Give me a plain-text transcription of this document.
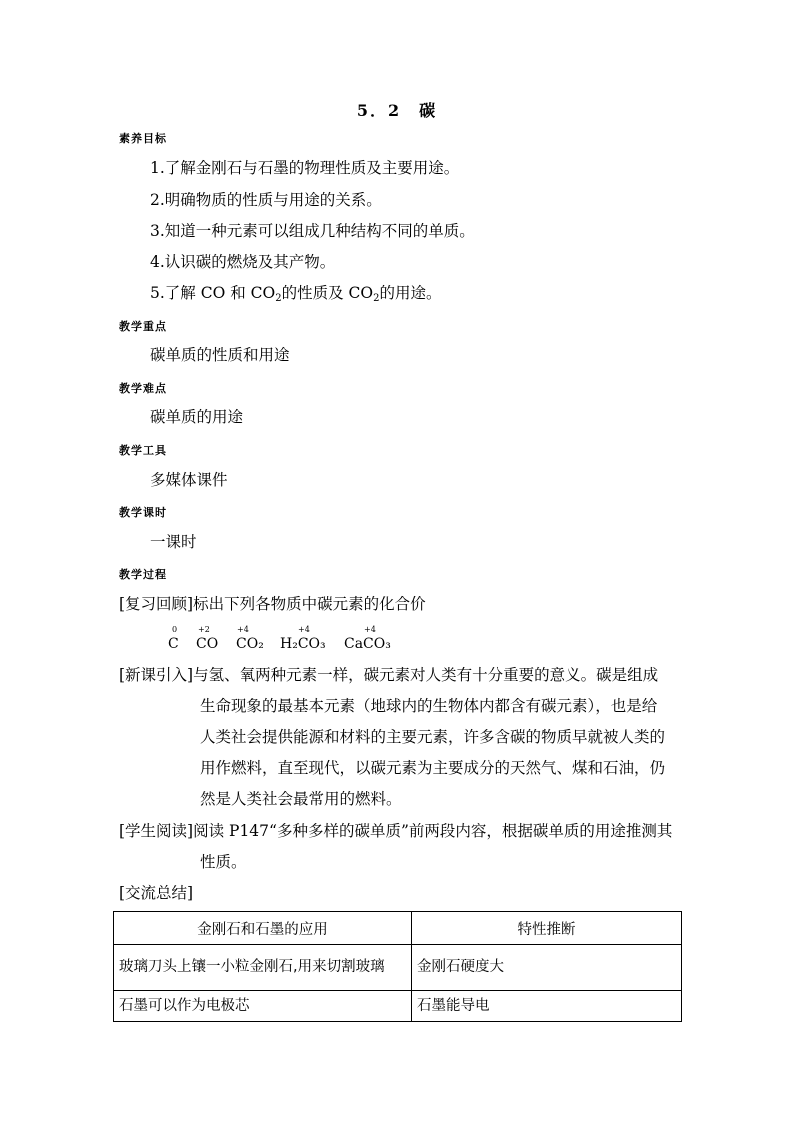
5．2　碳
素养目标
1.了解金刚石与石墨的物理性质及主要用途。
2.明确物质的性质与用途的关系。
3.知道一种元素可以组成几种结构不同的单质。
4.认识碳的燃烧及其产物。
5.了解 CO 和 $CO_2$的性质及 $CO_2$的用途。
教学重点
碳单质的性质和用途
教学难点
碳单质的用途
教学工具
多媒体课件
教学课时
一课时
教学过程
[复习回顾]标出下列各物质中碳元素的化合价
0
C
+2
CO
+4
CO₂
+4
H₂CO₃
+4
CaCO₃
[新课引入]与氢、氧两种元素一样，碳元素对人类有十分重要的意义。碳是组成
生命现象的最基本元素（地球内的生物体内都含有碳元素），也是给
人类社会提供能源和材料的主要元素，许多含碳的物质早就被人类的
用作燃料，直至现代，以碳元素为主要成分的天然气、煤和石油，仍
然是人类社会最常用的燃料。
[学生阅读]阅读 P147“多种多样的碳单质”前两段内容，根据碳单质的用途推测其
性质。
[交流总结]
金刚石和石墨的应用	特性推断
玻璃刀头上镶一小粒金刚石,用来切割玻璃	金刚石硬度大
石墨可以作为电极芯	石墨能导电
